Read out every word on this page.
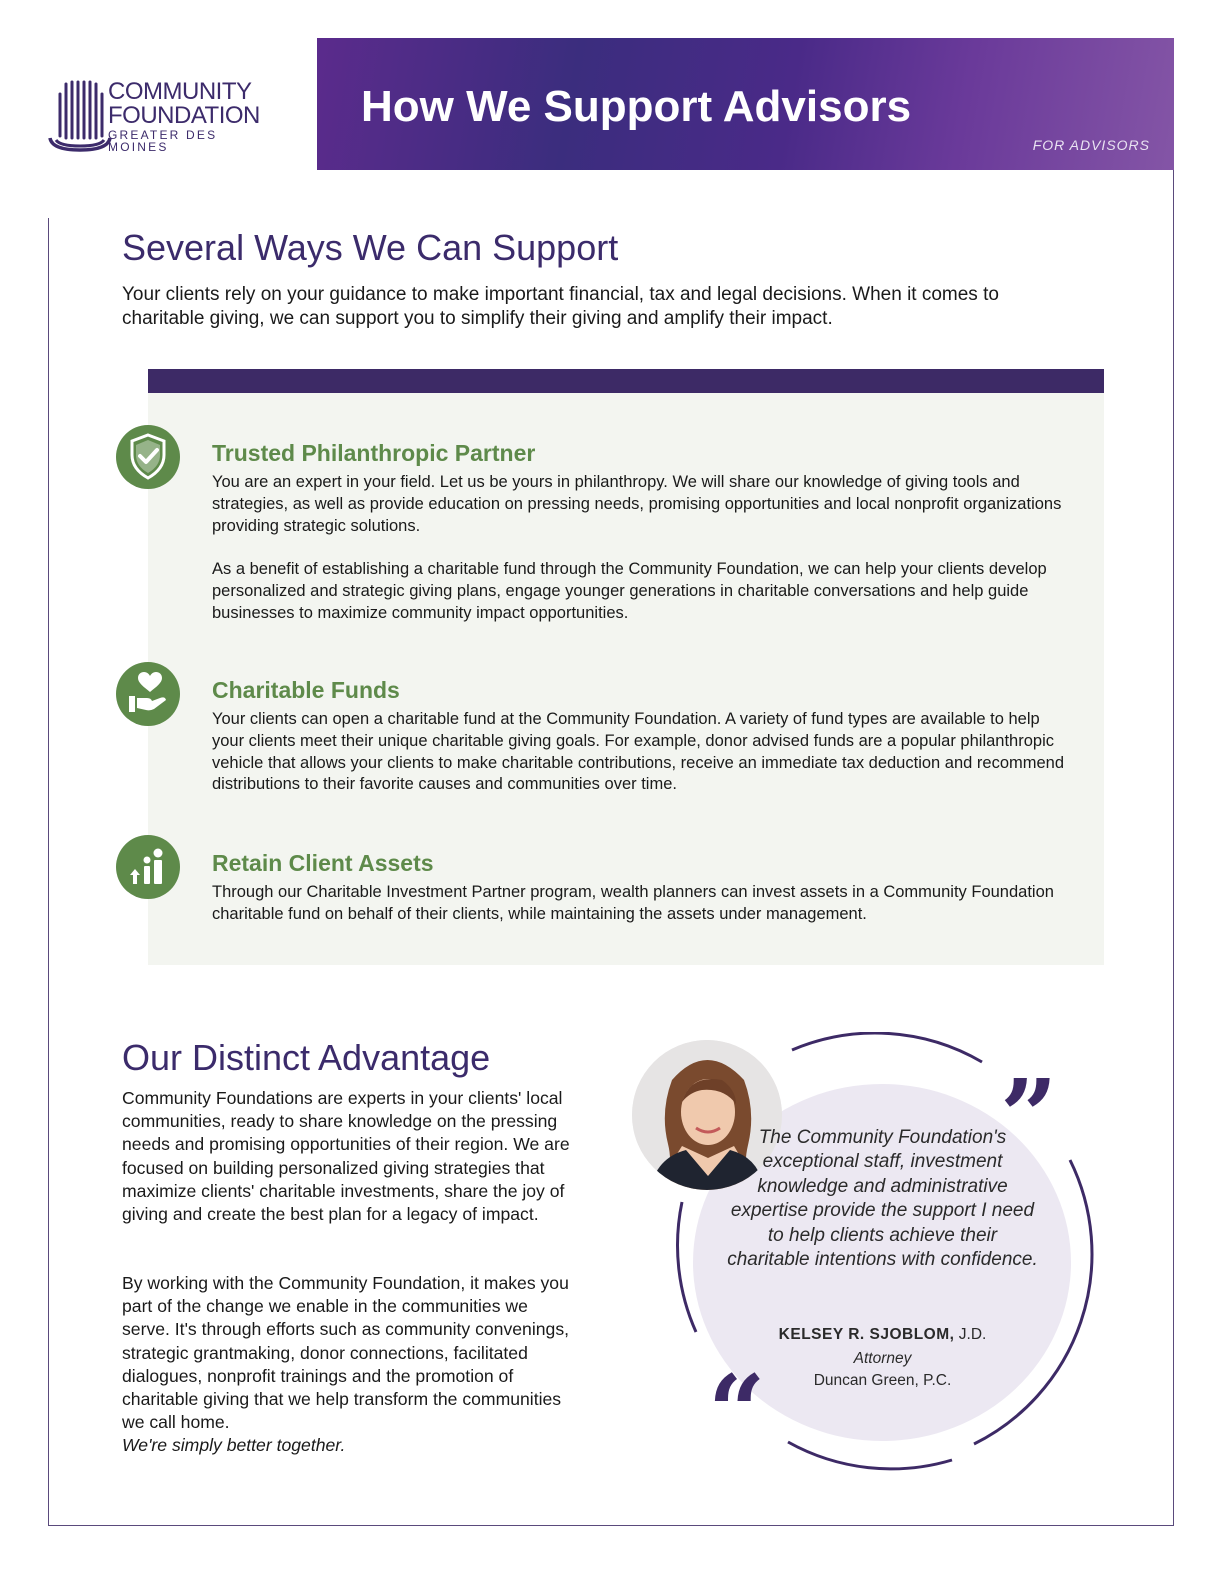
COMMUNITY
FOUNDATION
GREATER DES MOINES
How We Support Advisors
FOR ADVISORS
Several Ways We Can Support
Your clients rely on your guidance to make important financial, tax and legal decisions. When it comes to charitable giving, we can support you to simplify their giving and amplify their impact.
Trusted Philanthropic Partner
You are an expert in your field. Let us be yours in philanthropy. We will share our knowledge of giving tools and strategies, as well as provide education on pressing needs, promising opportunities and local nonprofit organizations providing strategic solutions.
As a benefit of establishing a charitable fund through the Community Foundation, we can help your clients develop personalized and strategic giving plans, engage younger generations in charitable conversations and help guide businesses to maximize community impact opportunities.
Charitable Funds
Your clients can open a charitable fund at the Community Foundation. A variety of fund types are available to help your clients meet their unique charitable giving goals. For example, donor advised funds are a popular philanthropic vehicle that allows your clients to make charitable contributions, receive an immediate tax deduction and recommend distributions to their favorite causes and communities over time.
Retain Client Assets
Through our Charitable Investment Partner program, wealth planners can invest assets in a Community Foundation charitable fund on behalf of their clients, while maintaining the assets under management.
Our Distinct Advantage
Community Foundations are experts in your clients' local communities, ready to share knowledge on the pressing needs and promising opportunities of their region. We are focused on building personalized giving strategies that maximize clients' charitable investments, share the joy of giving and create the best plan for a legacy of impact.
By working with the Community Foundation, it makes you part of the change we enable in the communities we serve. It's through efforts such as community convenings, strategic grantmaking, donor connections, facilitated dialogues, nonprofit trainings and the promotion of charitable giving that we help transform the communities we call home.
We're simply better together.
”
“
The Community Foundation's exceptional staff, investment knowledge and administrative expertise provide the support I need to help clients achieve their charitable intentions with confidence.
KELSEY R. SJOBLOM, J.D.
Attorney
Duncan Green, P.C.
